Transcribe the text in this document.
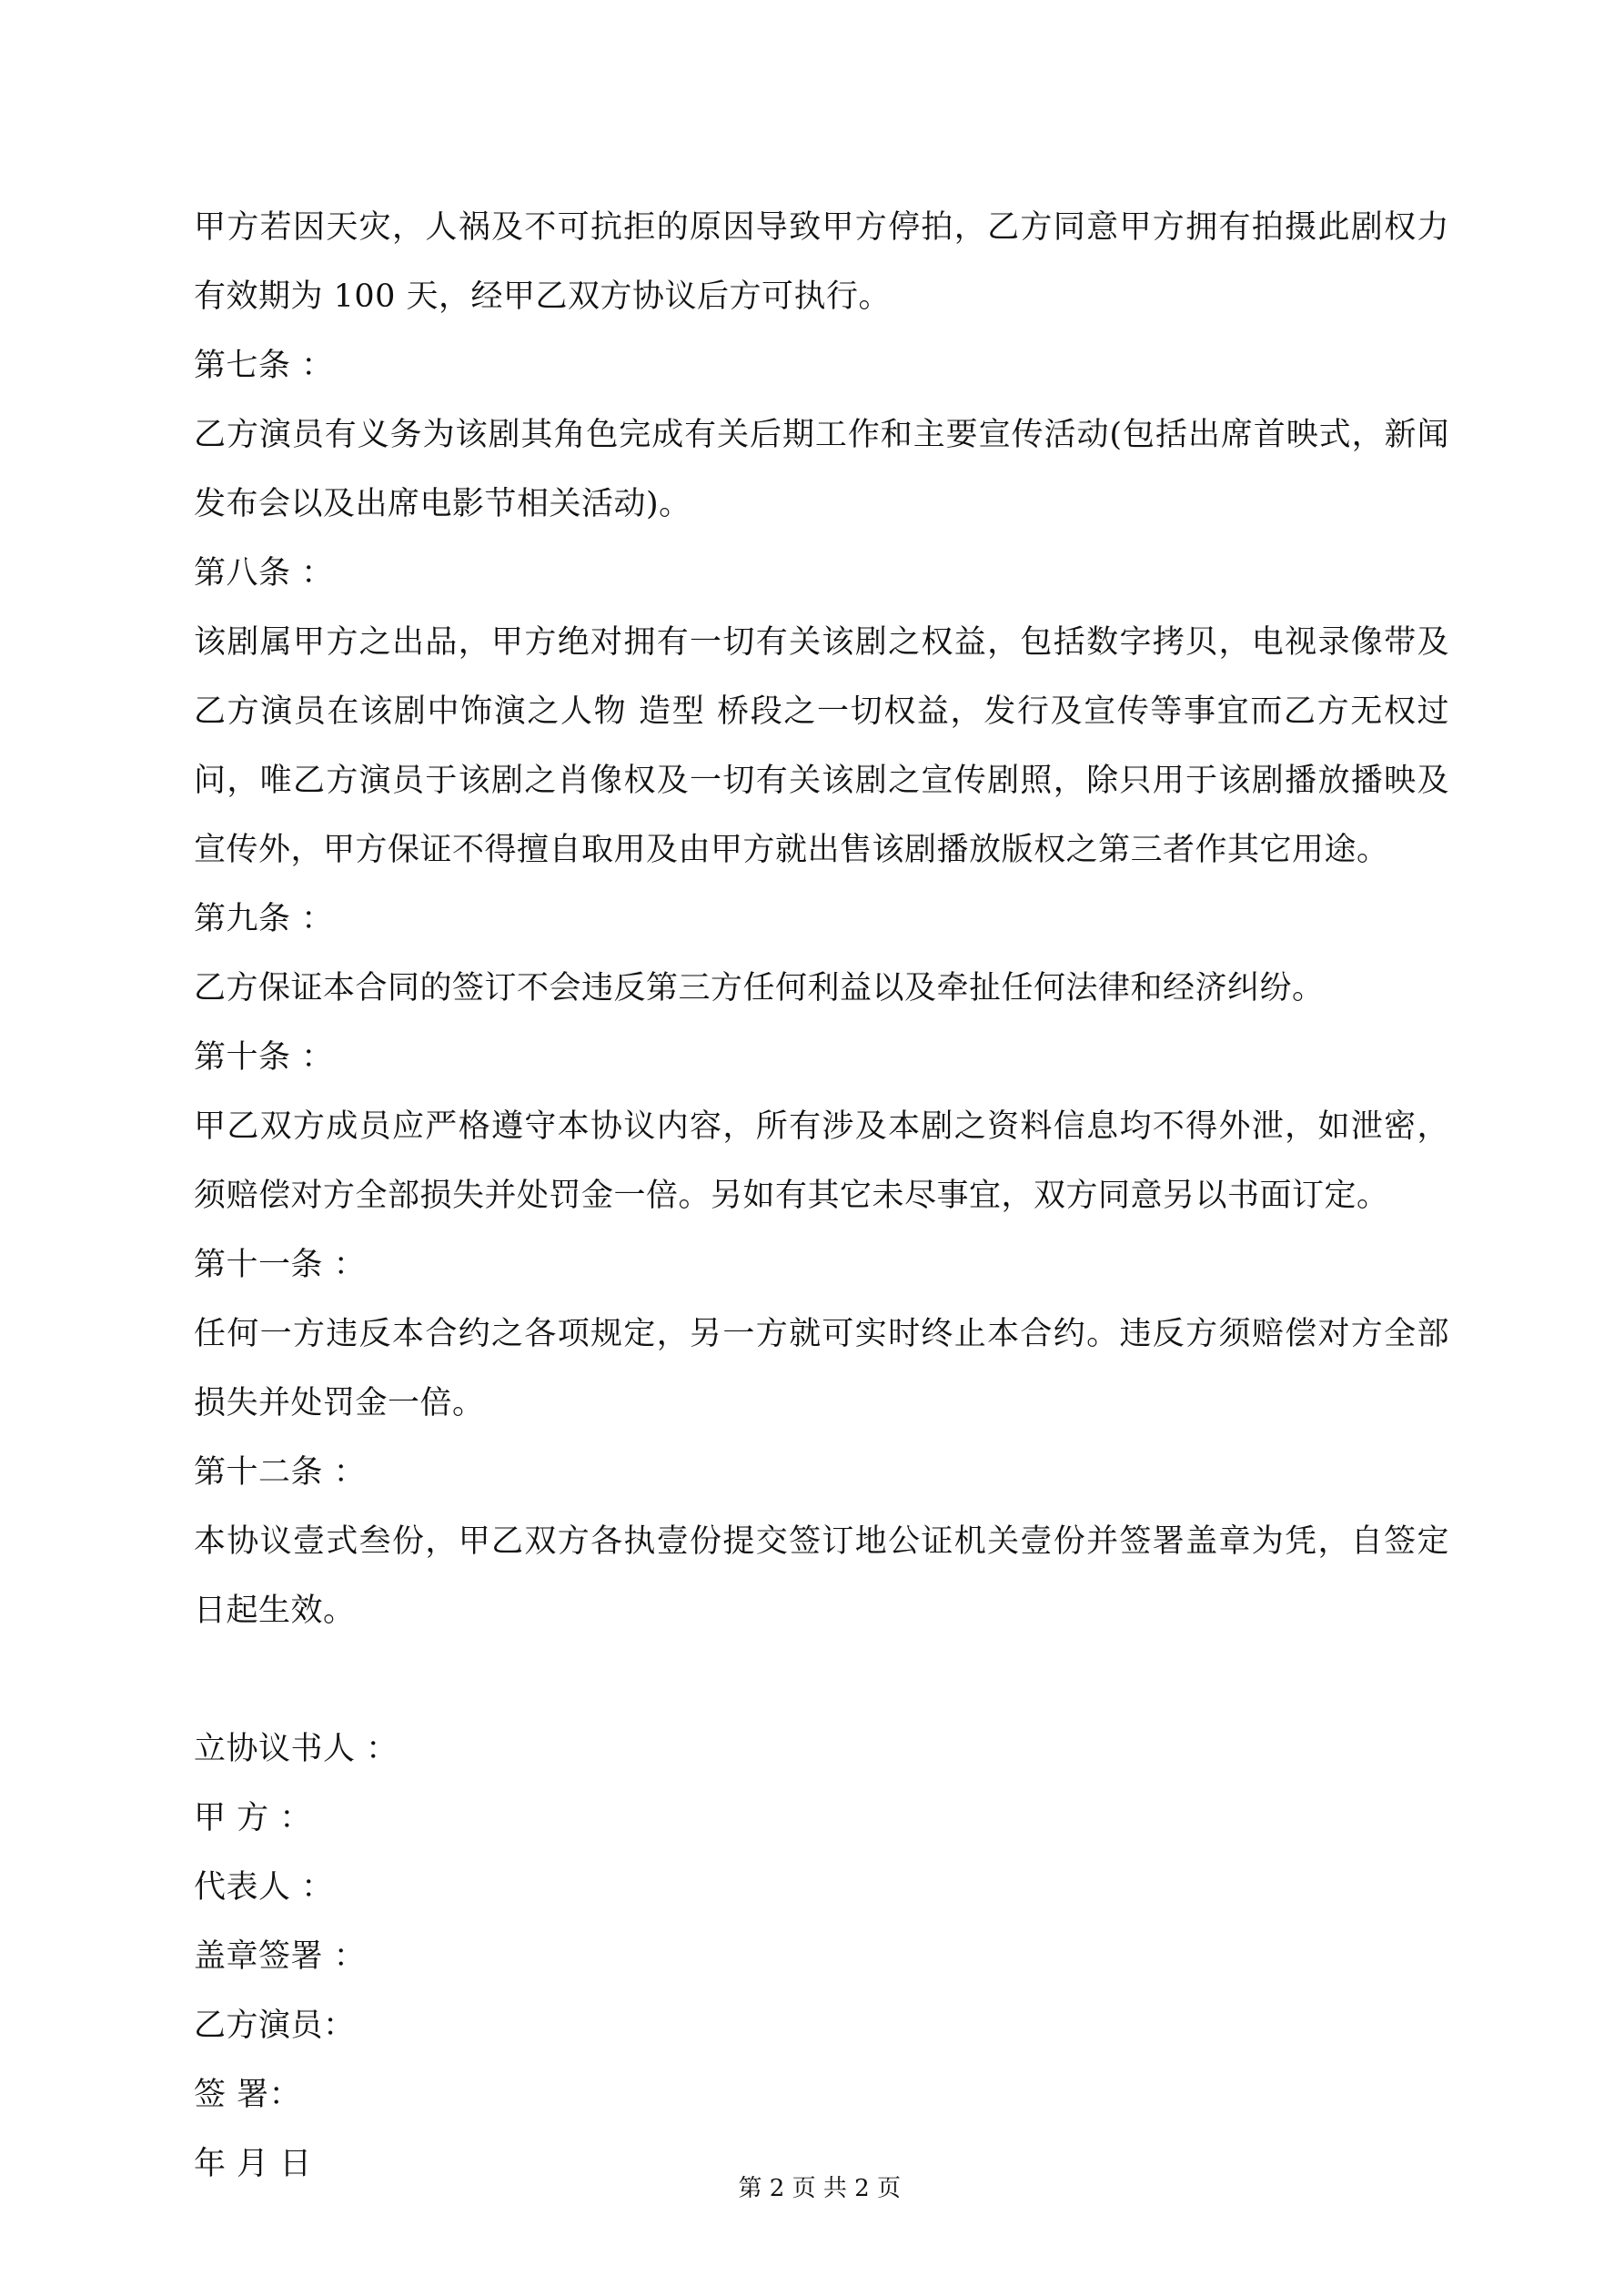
甲方若因天灾，人祸及不可抗拒的原因导致甲方停拍，乙方同意甲方拥有拍摄此剧权力有效期为 100 天，经甲乙双方协议后方可执行。

第七条 ：

乙方演员有义务为该剧其角色完成有关后期工作和主要宣传活动(包括出席首映式，新闻发布会以及出席电影节相关活动)。

第八条 ：

该剧属甲方之出品，甲方绝对拥有一切有关该剧之权益，包括数字拷贝，电视录像带及乙方演员在该剧中饰演之人物 造型 桥段之一切权益，发行及宣传等事宜而乙方无权过问，唯乙方演员于该剧之肖像权及一切有关该剧之宣传剧照，除只用于该剧播放播映及宣传外，甲方保证不得擅自取用及由甲方就出售该剧播放版权之第三者作其它用途。

第九条 ：

乙方保证本合同的签订不会违反第三方任何利益以及牵扯任何法律和经济纠纷。

第十条 ：

甲乙双方成员应严格遵守本协议内容，所有涉及本剧之资料信息均不得外泄，如泄密，须赔偿对方全部损失并处罚金一倍。另如有其它未尽事宜，双方同意另以书面订定。

第十一条 ：

任何一方违反本合约之各项规定，另一方就可实时终止本合约。违反方须赔偿对方全部损失并处罚金一倍。

第十二条 ：

本协议壹式叁份，甲乙双方各执壹份提交签订地公证机关壹份并签署盖章为凭，自签定日起生效。

立协议书人 ：

甲 方 ：

代表人 ：

盖章签署 ：

乙方演员：

签 署：

年 月 日

第 2 页 共 2 页
